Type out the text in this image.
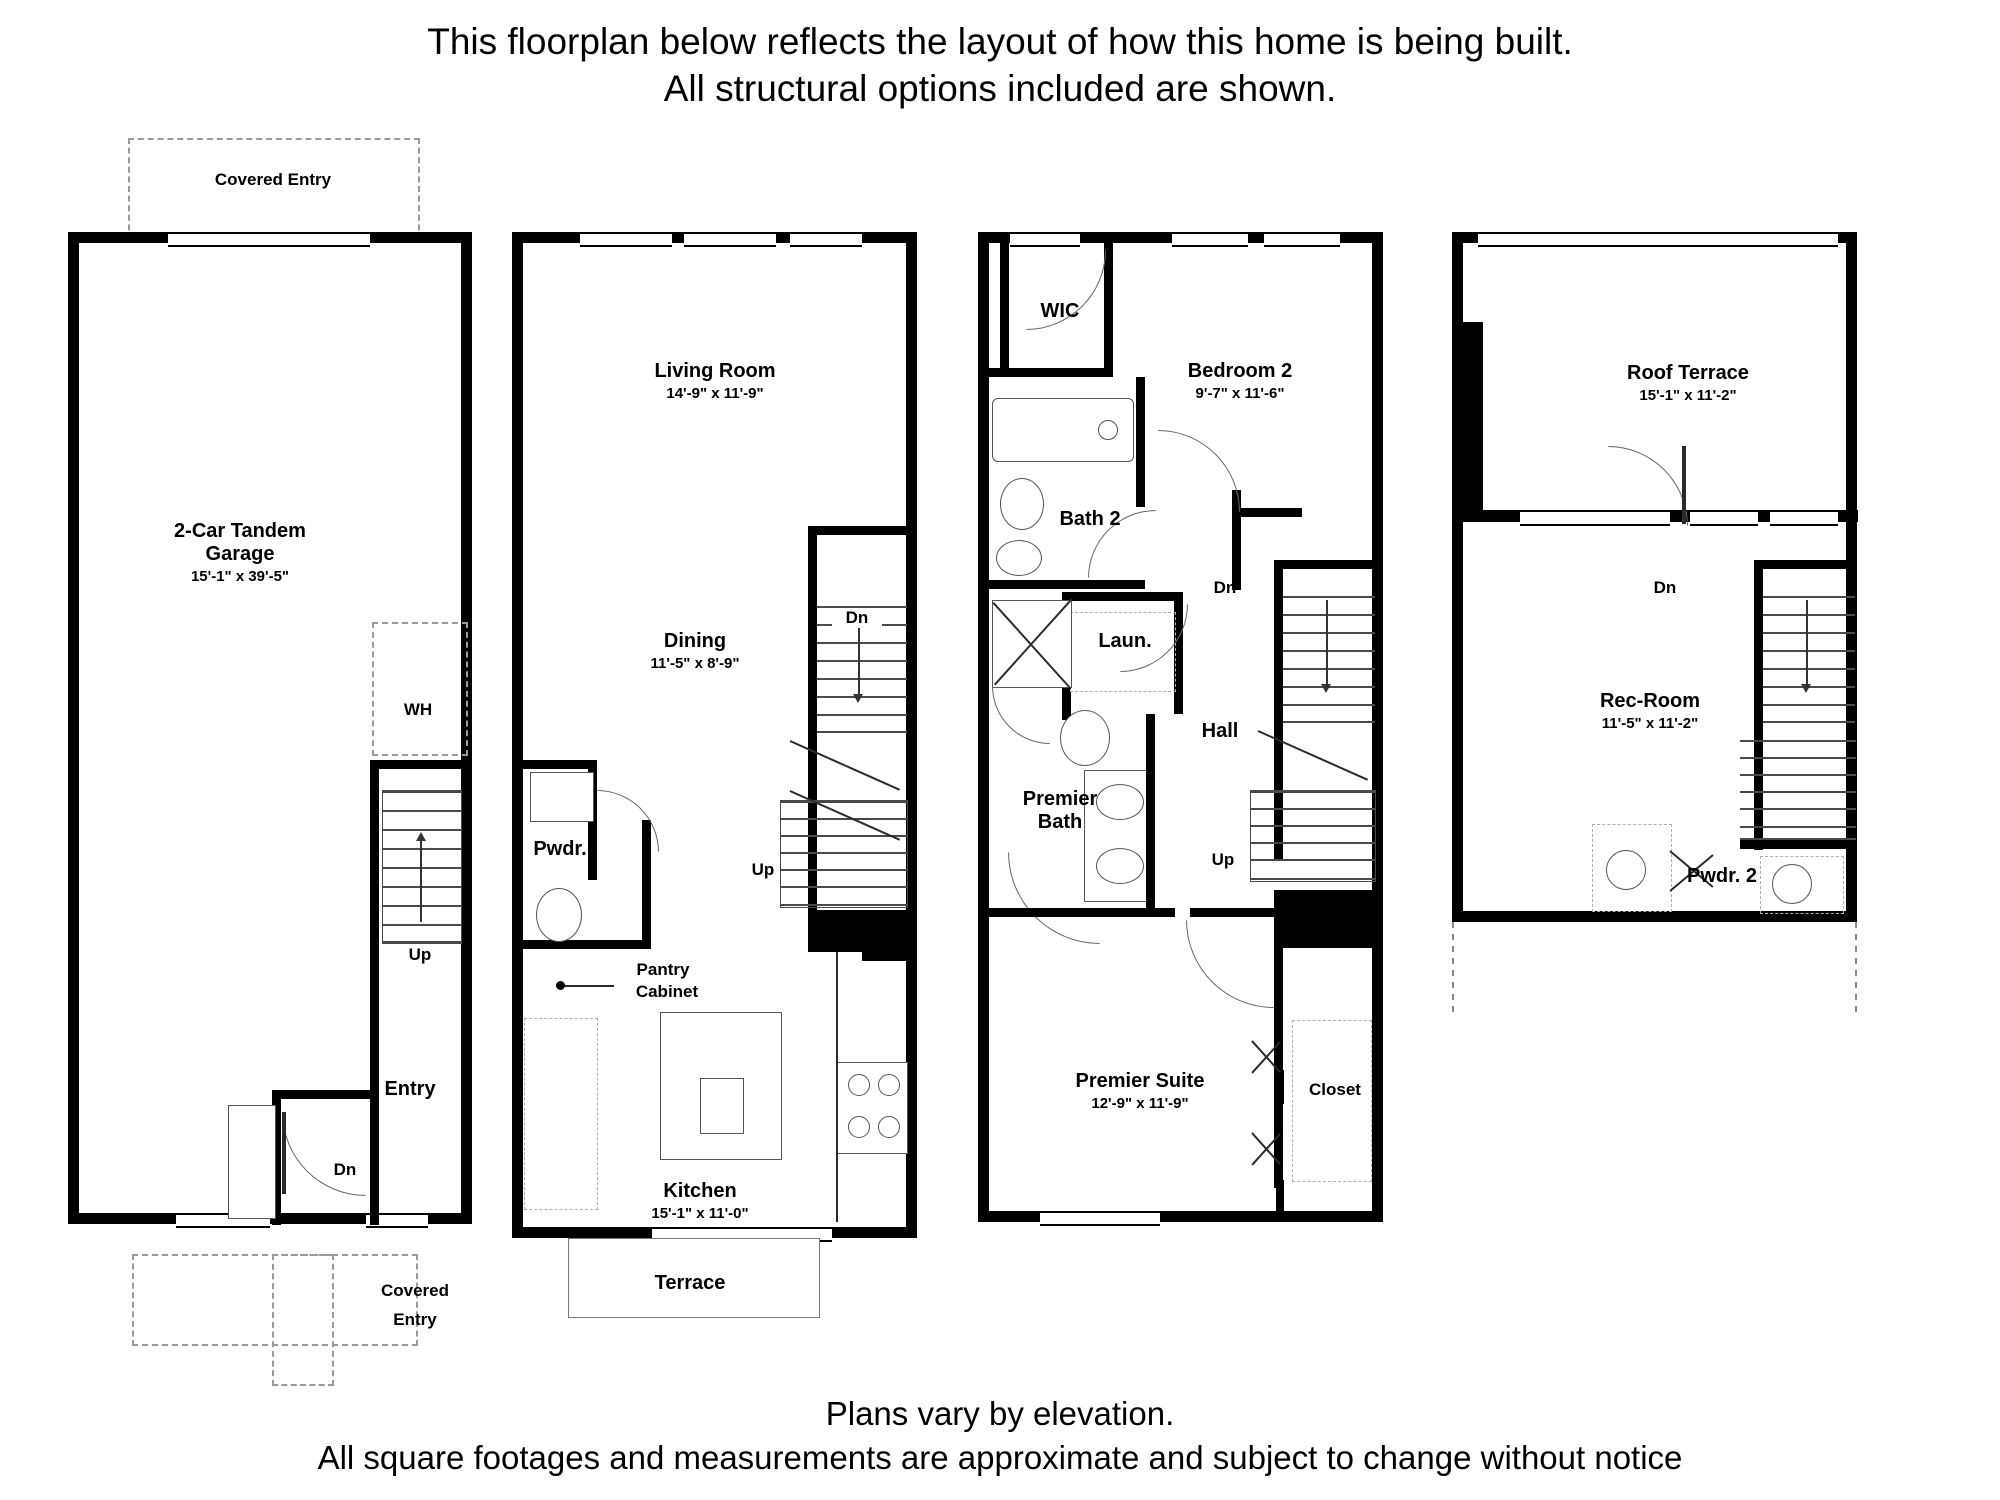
This floorplan below reflects the layout of how this home is being built.
All structural options included are shown.
Covered Entry
WH
Up
Dn
2-Car Tandem
Garage
15'-1" x 39'-5"
Entry
Covered
Entry
Living Room
14'-9" x 11'-9"
Dining
11'-5" x 8'-9"
Dn
Up
Pwdr.
Pantry
Cabinet
Kitchen
15'-1" x 11'-0"
Terrace
WIC
Bedroom 2
9'-7" x 11'-6"
Bath 2
Laun.
Premier
Bath
Hall
Dn
Up
Premier Suite
12'-9" x 11'-9"
Closet
Roof Terrace
15'-1" x 11'-2"
Rec-Room
11'-5" x 11'-2"
Dn
Pwdr. 2
Plans vary by elevation.
All square footages and measurements are approximate and subject to change without notice
